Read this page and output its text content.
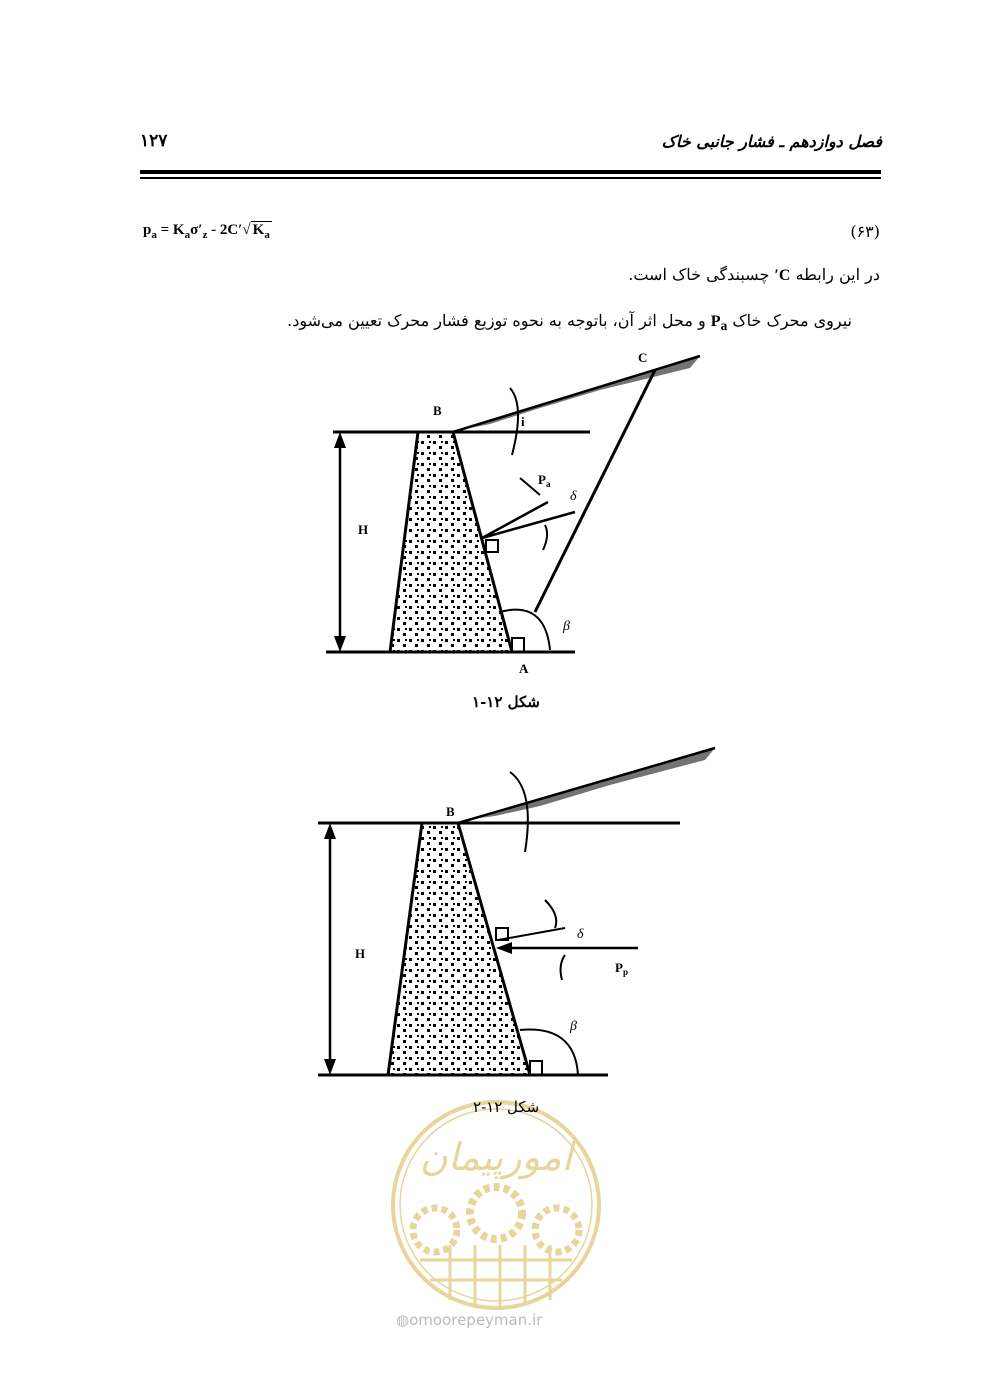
فصل دوازدهم ـ فشار جانبی خاک
۱۲۷
(۶۳)
$p_a = K_a\sigma'_z - 2C'√$ $K_a$
در این رابطه C′ چسبندگی خاک است.
نیروی محرک خاک $P_a$ و محل اثر آن، باتوجه به نحوه توزیع فشار محرک تعیین می‌شود.
C
B
i
$P_a$
δ
H
β
A
B
H
δ
$P_p$
β
شکل ۱۲-۱
امورپیمان
شکل ۱۲-۲
◍omoorepeyman.ir
